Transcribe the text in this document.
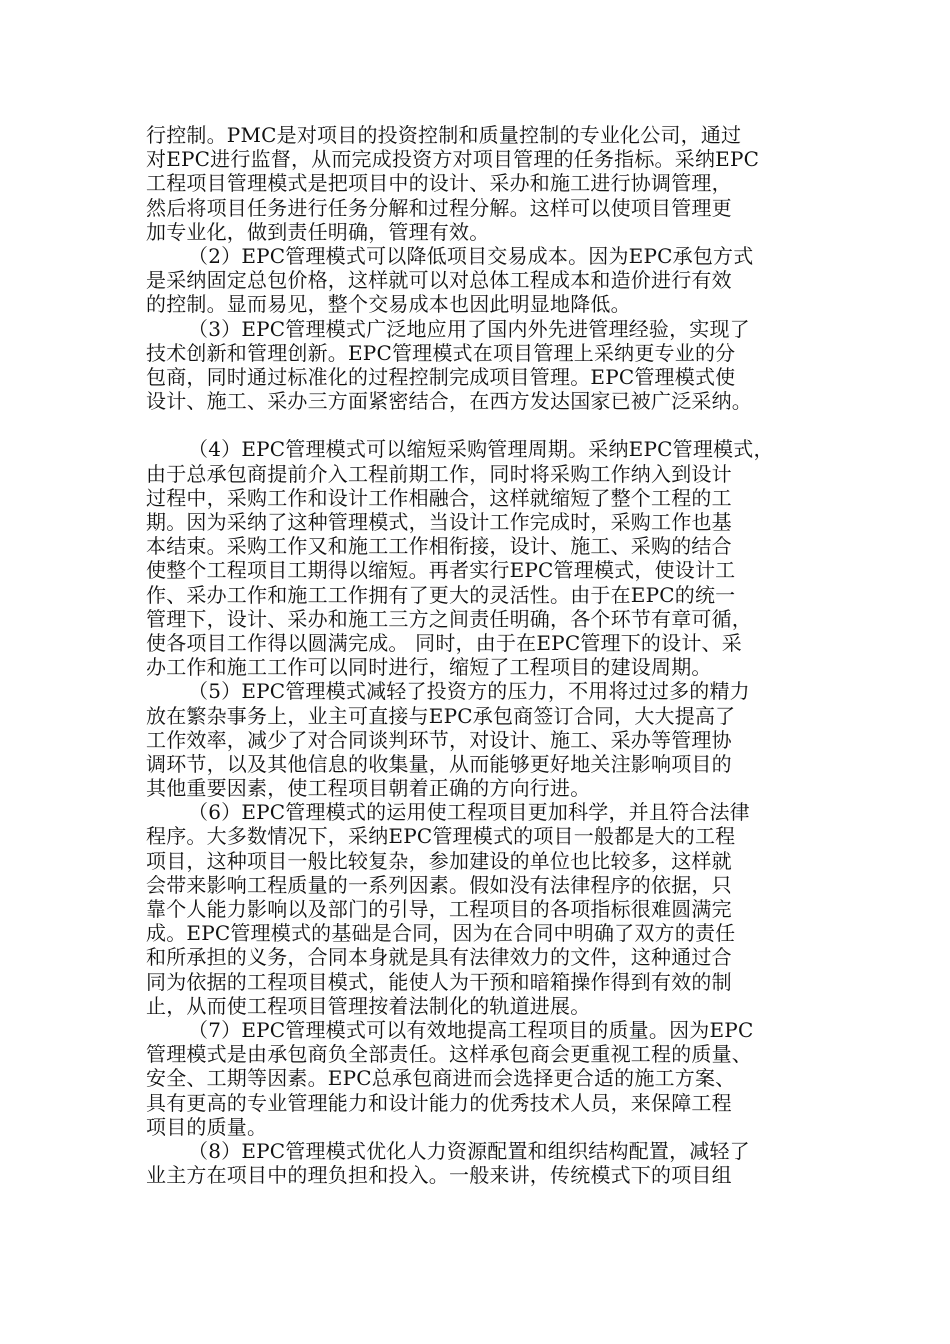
行控制。PMC是对项目的投资控制和质量控制的专业化公司，通过
对EPC进行监督，从而完成投资方对项目管理的任务指标。采纳EPC
工程项目管理模式是把项目中的设计、采办和施工进行协调管理，
然后将项目任务进行任务分解和过程分解。这样可以使项目管理更
加专业化，做到责任明确，管理有效。
（2）EPC管理模式可以降低项目交易成本。因为EPC承包方式
是采纳固定总包价格，这样就可以对总体工程成本和造价进行有效
的控制。显而易见，整个交易成本也因此明显地降低。
（3）EPC管理模式广泛地应用了国内外先进管理经验，实现了
技术创新和管理创新。EPC管理模式在项目管理上采纳更专业的分
包商，同时通过标准化的过程控制完成项目管理。EPC管理模式使
设计、施工、采办三方面紧密结合，在西方发达国家已被广泛采纳。
（4）EPC管理模式可以缩短采购管理周期。采纳EPC管理模式，
由于总承包商提前介入工程前期工作，同时将采购工作纳入到设计
过程中，采购工作和设计工作相融合，这样就缩短了整个工程的工
期。因为采纳了这种管理模式，当设计工作完成时，采购工作也基
本结束。采购工作又和施工工作相衔接，设计、施工、采购的结合
使整个工程项目工期得以缩短。再者实行EPC管理模式，使设计工
作、采办工作和施工工作拥有了更大的灵活性。由于在EPC的统一
管理下，设计、采办和施工三方之间责任明确，各个环节有章可循，
使各项目工作得以圆满完成。 同时，由于在EPC管理下的设计、采
办工作和施工工作可以同时进行，缩短了工程项目的建设周期。
（5）EPC管理模式减轻了投资方的压力，不用将过过多的精力
放在繁杂事务上，业主可直接与EPC承包商签订合同，大大提高了
工作效率，减少了对合同谈判环节，对设计、施工、采办等管理协
调环节，以及其他信息的收集量，从而能够更好地关注影响项目的
其他重要因素，使工程项目朝着正确的方向行进。
（6）EPC管理模式的运用使工程项目更加科学，并且符合法律
程序。大多数情况下，采纳EPC管理模式的项目一般都是大的工程
项目，这种项目一般比较复杂，参加建设的单位也比较多，这样就
会带来影响工程质量的一系列因素。假如没有法律程序的依据，只
靠个人能力影响以及部门的引导，工程项目的各项指标很难圆满完
成。EPC管理模式的基础是合同，因为在合同中明确了双方的责任
和所承担的义务，合同本身就是具有法律效力的文件，这种通过合
同为依据的工程项目模式，能使人为干预和暗箱操作得到有效的制
止，从而使工程项目管理按着法制化的轨道进展。
（7）EPC管理模式可以有效地提高工程项目的质量。因为EPC
管理模式是由承包商负全部责任。这样承包商会更重视工程的质量、
安全、工期等因素。EPC总承包商进而会选择更合适的施工方案、
具有更高的专业管理能力和设计能力的优秀技术人员，来保障工程
项目的质量。
（8）EPC管理模式优化人力资源配置和组织结构配置，减轻了
业主方在项目中的理负担和投入。一般来讲，传统模式下的项目组
